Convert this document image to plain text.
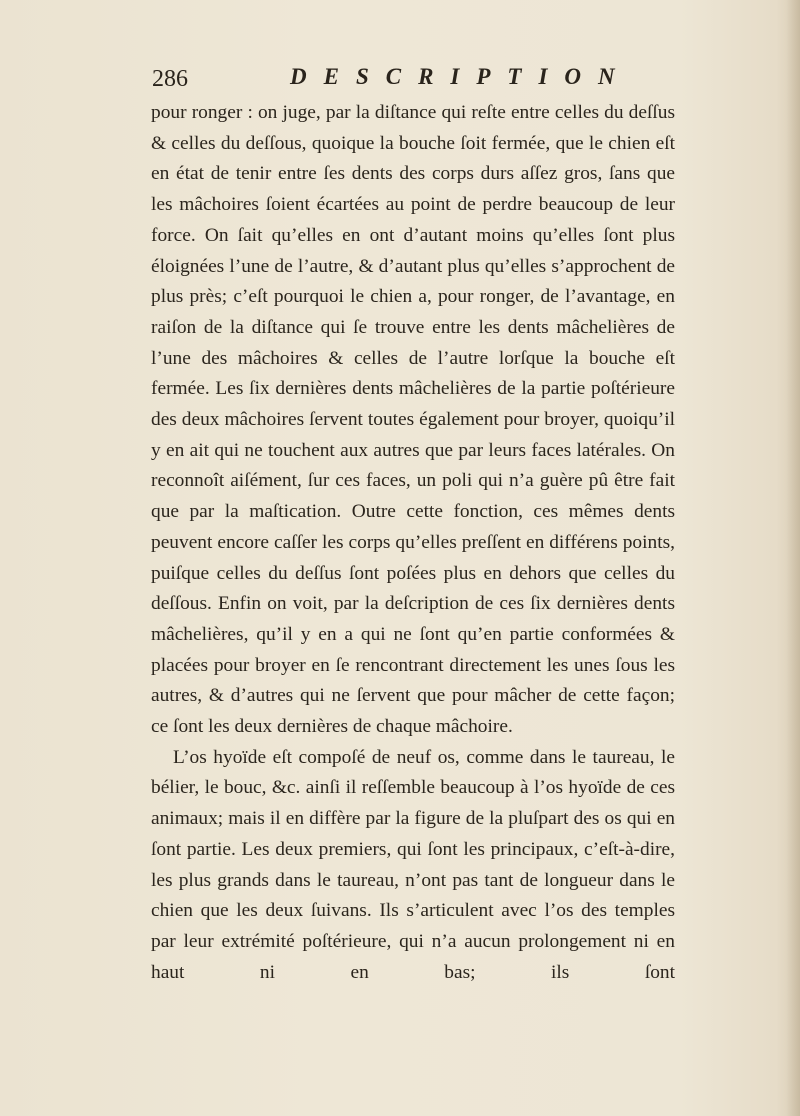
286	DESCRIPTION

pour ronger : on juge, par la diſtance qui reſte entre celles du deſſus & celles du deſſous, quoique la bouche ſoit fermée, que le chien eſt en état de tenir entre ſes dents des corps durs aſſez gros, ſans que les mâchoires ſoient écartées au point de perdre beaucoup de leur force. On ſait qu’elles en ont d’autant moins qu’elles ſont plus éloignées l’une de l’autre, & d’autant plus qu’elles s’approchent de plus près; c’eſt pourquoi le chien a, pour ronger, de l’avantage, en raiſon de la diſtance qui ſe trouve entre les dents mâchelières de l’une des mâchoires & celles de l’autre lorſque la bouche eſt fermée. Les ſix dernières dents mâchelières de la partie poſtérieure des deux mâchoires ſervent toutes également pour broyer, quoiqu’il y en ait qui ne touchent aux autres que par leurs faces latérales. On reconnoît aiſément, ſur ces faces, un poli qui n’a guère pû être fait que par la maſtication. Outre cette fonction, ces mêmes dents peuvent encore caſſer les corps qu’elles preſſent en différens points, puiſque celles du deſſus ſont poſées plus en dehors que celles du deſſous. Enfin on voit, par la deſcription de ces ſix dernières dents mâchelières, qu’il y en a qui ne ſont qu’en partie conformées & placées pour broyer en ſe rencontrant directement les unes ſous les autres, & d’autres qui ne ſervent que pour mâcher de cette façon; ce ſont les deux dernières de chaque mâchoire.

L’os hyoïde eſt compoſé de neuf os, comme dans le taureau, le bélier, le bouc, &c. ainſi il reſſemble beaucoup à l’os hyoïde de ces animaux; mais il en diffère par la figure de la pluſpart des os qui en ſont partie. Les deux premiers, qui ſont les principaux, c’eſt-à-dire, les plus grands dans le taureau, n’ont pas tant de longueur dans le chien que les deux ſuivans. Ils s’articulent avec l’os des temples par leur extrémité poſtérieure, qui n’a aucun prolongement ni en haut ni en bas; ils ſont
